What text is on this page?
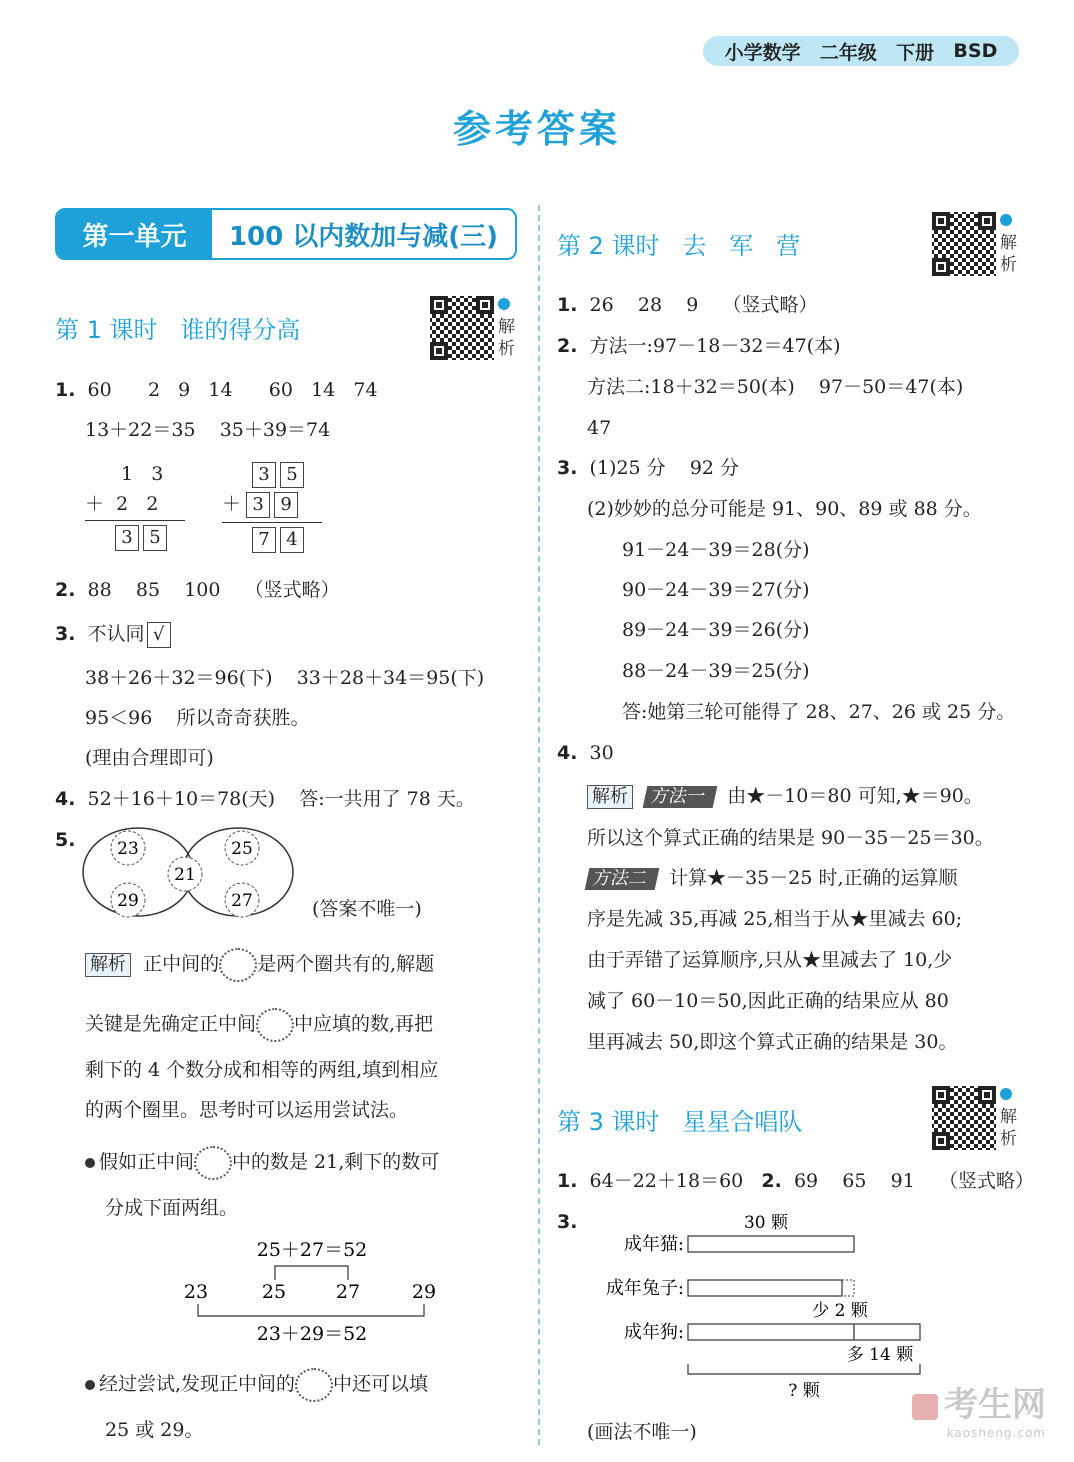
小学数学 二年级 下册 BSD
参考答案
第一单元	100 以内数加与减(三)
第 1 课时   谁的得分高	解析
1. 60      2   9   14      60   14   74
13＋22＝35    35＋39＝74
1   3
＋ 2   2
3 5
3 5
＋ 3 9
7 4
2. 88    85    100    （竖式略）
3. 不认同 √
38＋26＋32＝96(下)    33＋28＋34＝95(下)
95＜96    所以奇奇获胜。
(理由合理即可)
4. 52＋16＋10＝78(天)    答:一共用了 78 天。
5. 23	25
21
29	27	(答案不唯一)
解析 正中间的 是两个圈共有的,解题
关键是先确定正中间 中应填的数,再把
剩下的 4 个数分成和相等的两组,填到相应
的两个圈里。思考时可以运用尝试法。
假如正中间 中的数是 21,剩下的数可
分成下面两组。
25＋27＝52
23	25	27	29
23＋29＝52
经过尝试,发现正中间的 中还可以填
25 或 29。
第 2 课时   去   军   营	解析
1. 26    28    9    （竖式略）
2. 方法一:97－18－32＝47(本)
方法二:18＋32＝50(本)    97－50＝47(本)
47
3. (1)25 分    92 分
(2)妙妙的总分可能是 91、90、89 或 88 分。
91－24－39＝28(分)
90－24－39＝27(分)
89－24－39＝26(分)
88－24－39＝25(分)
答:她第三轮可能得了 28、27、26 或 25 分。
4. 30
解析 方法一 由★－10＝80 可知,★＝90。
所以这个算式正确的结果是 90－35－25＝30。
方法二 计算★－35－25 时,正确的运算顺
序是先减 35,再减 25,相当于从★里减去 60;
由于弄错了运算顺序,只从★里减去了 10,少
减了 60－10＝50,因此正确的结果应从 80
里再减去 50,即这个算式正确的结果是 30。
第 3 课时   星星合唱队	解析
1. 64－22＋18＝60 2. 69    65    91    （竖式略）
3.	30 颗
成年猫:
成年兔子:
少 2 颗
成年狗:
多 14 颗
? 颗
(画法不唯一)
考生网
kaosheng.com
